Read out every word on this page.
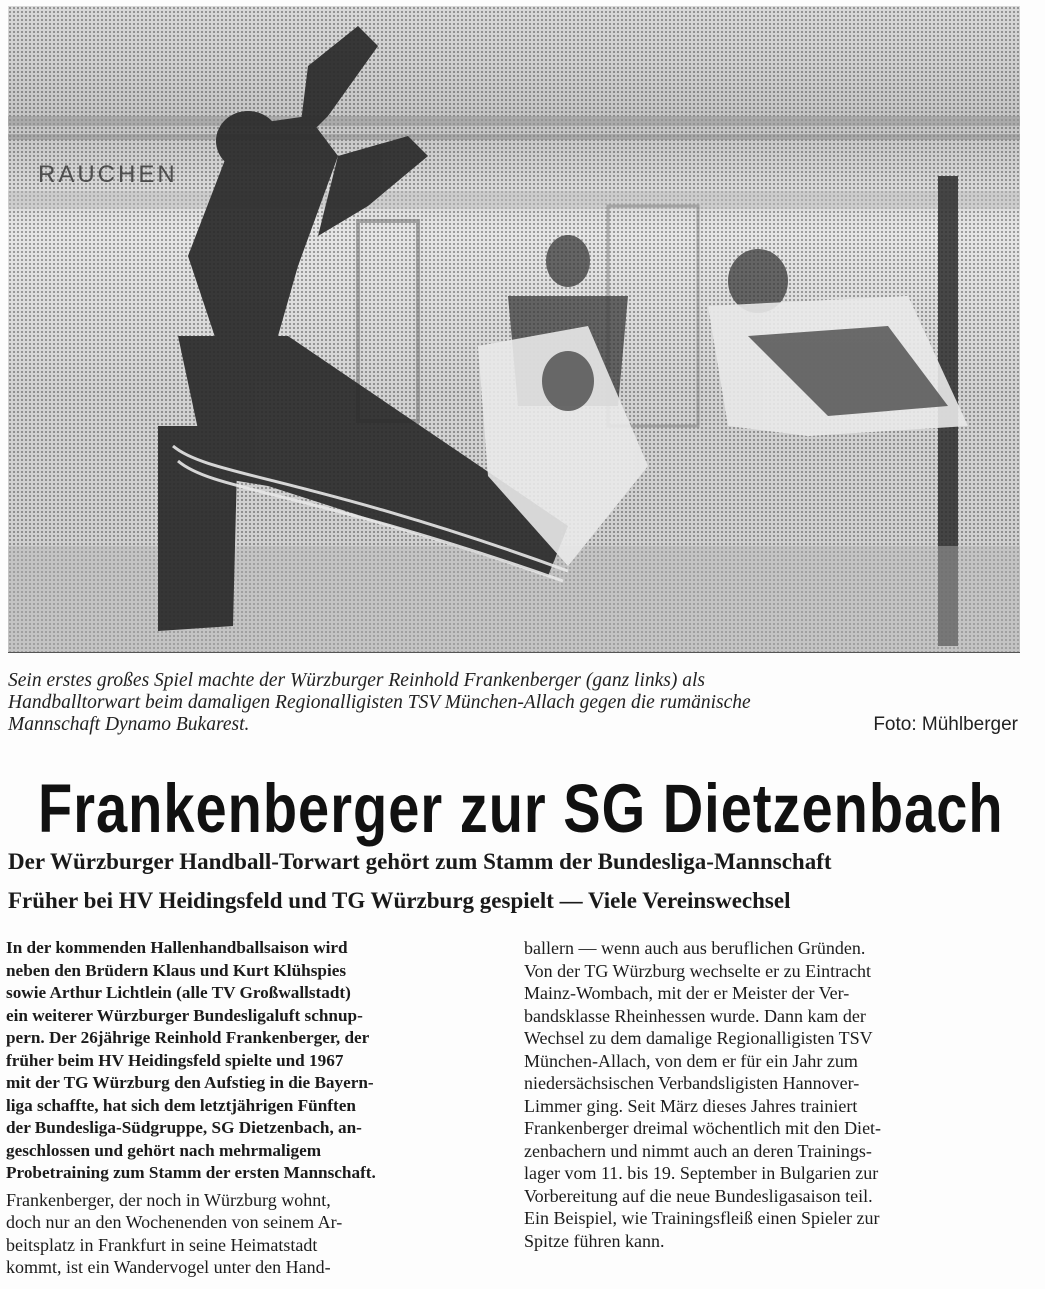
RAUCHEN
Sein erstes großes Spiel machte der Würzburger Reinhold Frankenberger (ganz links) als
Handballtorwart beim damaligen Regionalligisten TSV München-Allach gegen die rumänische
Mannschaft Dynamo Bukarest.	Foto: Mühlberger
Frankenberger zur SG Dietzenbach
Der Würzburger Handball-Torwart gehört zum Stamm der Bundesliga-Mannschaft
Früher bei HV Heidingsfeld und TG Würzburg gespielt — Viele Vereinswechsel
In der kommenden Hallenhandballsaison wird
neben den Brüdern Klaus und Kurt Klühspies
sowie Arthur Lichtlein (alle TV Großwallstadt)
ein weiterer Würzburger Bundesligaluft schnup-
pern. Der 26jährige Reinhold Frankenberger, der
früher beim HV Heidingsfeld spielte und 1967
mit der TG Würzburg den Aufstieg in die Bayern-
liga schaffte, hat sich dem letztjährigen Fünften
der Bundesliga-Südgruppe, SG Dietzenbach, an-
geschlossen und gehört nach mehrmaligem
Probetraining zum Stamm der ersten Mannschaft.
Frankenberger, der noch in Würzburg wohnt,
doch nur an den Wochenenden von seinem Ar-
beitsplatz in Frankfurt in seine Heimatstadt
kommt, ist ein Wandervogel unter den Hand-
ballern — wenn auch aus beruflichen Gründen.
Von der TG Würzburg wechselte er zu Eintracht
Mainz-Wombach, mit der er Meister der Ver-
bandsklasse Rheinhessen wurde. Dann kam der
Wechsel zu dem damalige Regionalligisten TSV
München-Allach, von dem er für ein Jahr zum
niedersächsischen Verbandsligisten Hannover-
Limmer ging. Seit März dieses Jahres trainiert
Frankenberger dreimal wöchentlich mit den Diet-
zenbachern und nimmt auch an deren Trainings-
lager vom 11. bis 19. September in Bulgarien zur
Vorbereitung auf die neue Bundesligasaison teil.
Ein Beispiel, wie Trainingsfleiß einen Spieler zur
Spitze führen kann.
